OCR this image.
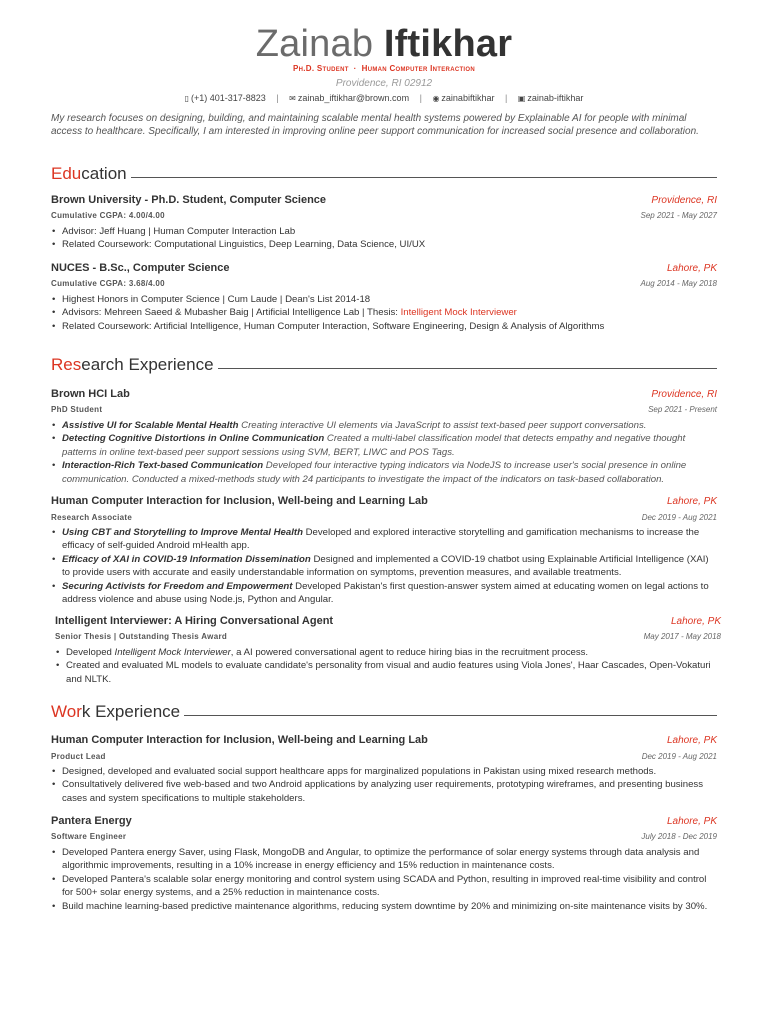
Zainab Iftikhar
Ph.D. Student · Human Computer Interaction
Providence, RI 02912
▯ (+1) 401-317-8823 | ✉ zainab_iftikhar@brown.com | ◉ zainabiftikhar | ▣ zainab-iftikhar
My research focuses on designing, building, and maintaining scalable mental health systems powered by Explainable AI for people with minimal access to healthcare. Specifically, I am interested in improving online peer support communication for increased social presence and collaboration.
Education
Brown University - Ph.D. Student, Computer Science	Providence, RI
Cumulative CGPA: 4.00/4.00	Sep 2021 - May 2027
• Advisor: Jeff Huang | Human Computer Interaction Lab
• Related Coursework: Computational Linguistics, Deep Learning, Data Science, UI/UX
NUCES - B.Sc., Computer Science	Lahore, PK
Cumulative CGPA: 3.68/4.00	Aug 2014 - May 2018
• Highest Honors in Computer Science | Cum Laude | Dean's List 2014-18
• Advisors: Mehreen Saeed & Mubasher Baig | Artificial Intelligence Lab | Thesis: Intelligent Mock Interviewer
• Related Coursework: Artificial Intelligence, Human Computer Interaction, Software Engineering, Design & Analysis of Algorithms
Research Experience
Brown HCI Lab	Providence, RI
PhD Student	Sep 2021 - Present
• Assistive UI for Scalable Mental Health Creating interactive UI elements via JavaScript to assist text-based peer support conversations.
• Detecting Cognitive Distortions in Online Communication Created a multi-label classification model that detects empathy and negative thought patterns in online text-based peer support sessions using SVM, BERT, LIWC and POS Tags.
• Interaction-Rich Text-based Communication Developed four interactive typing indicators via NodeJS to increase user's social presence in online communication. Conducted a mixed-methods study with 24 participants to investigate the impact of the indicators on task-based collaboration.
Human Computer Interaction for Inclusion, Well-being and Learning Lab	Lahore, PK
Research Associate	Dec 2019 - Aug 2021
• Using CBT and Storytelling to Improve Mental Health Developed and explored interactive storytelling and gamification mechanisms to increase the efficacy of self-guided Android mHealth app.
• Efficacy of XAI in COVID-19 Information Dissemination Designed and implemented a COVID-19 chatbot using Explainable Artificial Intelligence (XAI) to provide users with accurate and easily understandable information on symptoms, prevention measures, and available treatments.
• Securing Activists for Freedom and Empowerment Developed Pakistan's first question-answer system aimed at educating women on legal actions to address violence and abuse using Node.js, Python and Angular.
Intelligent Interviewer: A Hiring Conversational Agent	Lahore, PK
Senior Thesis | Outstanding Thesis Award	May 2017 - May 2018
• Developed Intelligent Mock Interviewer, a AI powered conversational agent to reduce hiring bias in the recruitment process.
• Created and evaluated ML models to evaluate candidate's personality from visual and audio features using Viola Jones', Haar Cascades, Open-Vokaturi and NLTK.
Work Experience
Human Computer Interaction for Inclusion, Well-being and Learning Lab	Lahore, PK
Product Lead	Dec 2019 - Aug 2021
• Designed, developed and evaluated social support healthcare apps for marginalized populations in Pakistan using mixed research methods.
• Consultatively delivered five web-based and two Android applications by analyzing user requirements, prototyping wireframes, and presenting business cases and system specifications to multiple stakeholders.
Pantera Energy	Lahore, PK
Software Engineer	July 2018 - Dec 2019
• Developed Pantera energy Saver, using Flask, MongoDB and Angular, to optimize the performance of solar energy systems through data analysis and algorithmic improvements, resulting in a 10% increase in energy efficiency and 15% reduction in maintenance costs.
• Developed Pantera's scalable solar energy monitoring and control system using SCADA and Python, resulting in improved real-time visibility and control for 500+ solar energy systems, and a 25% reduction in maintenance costs.
• Build machine learning-based predictive maintenance algorithms, reducing system downtime by 20% and minimizing on-site maintenance visits by 30%.
